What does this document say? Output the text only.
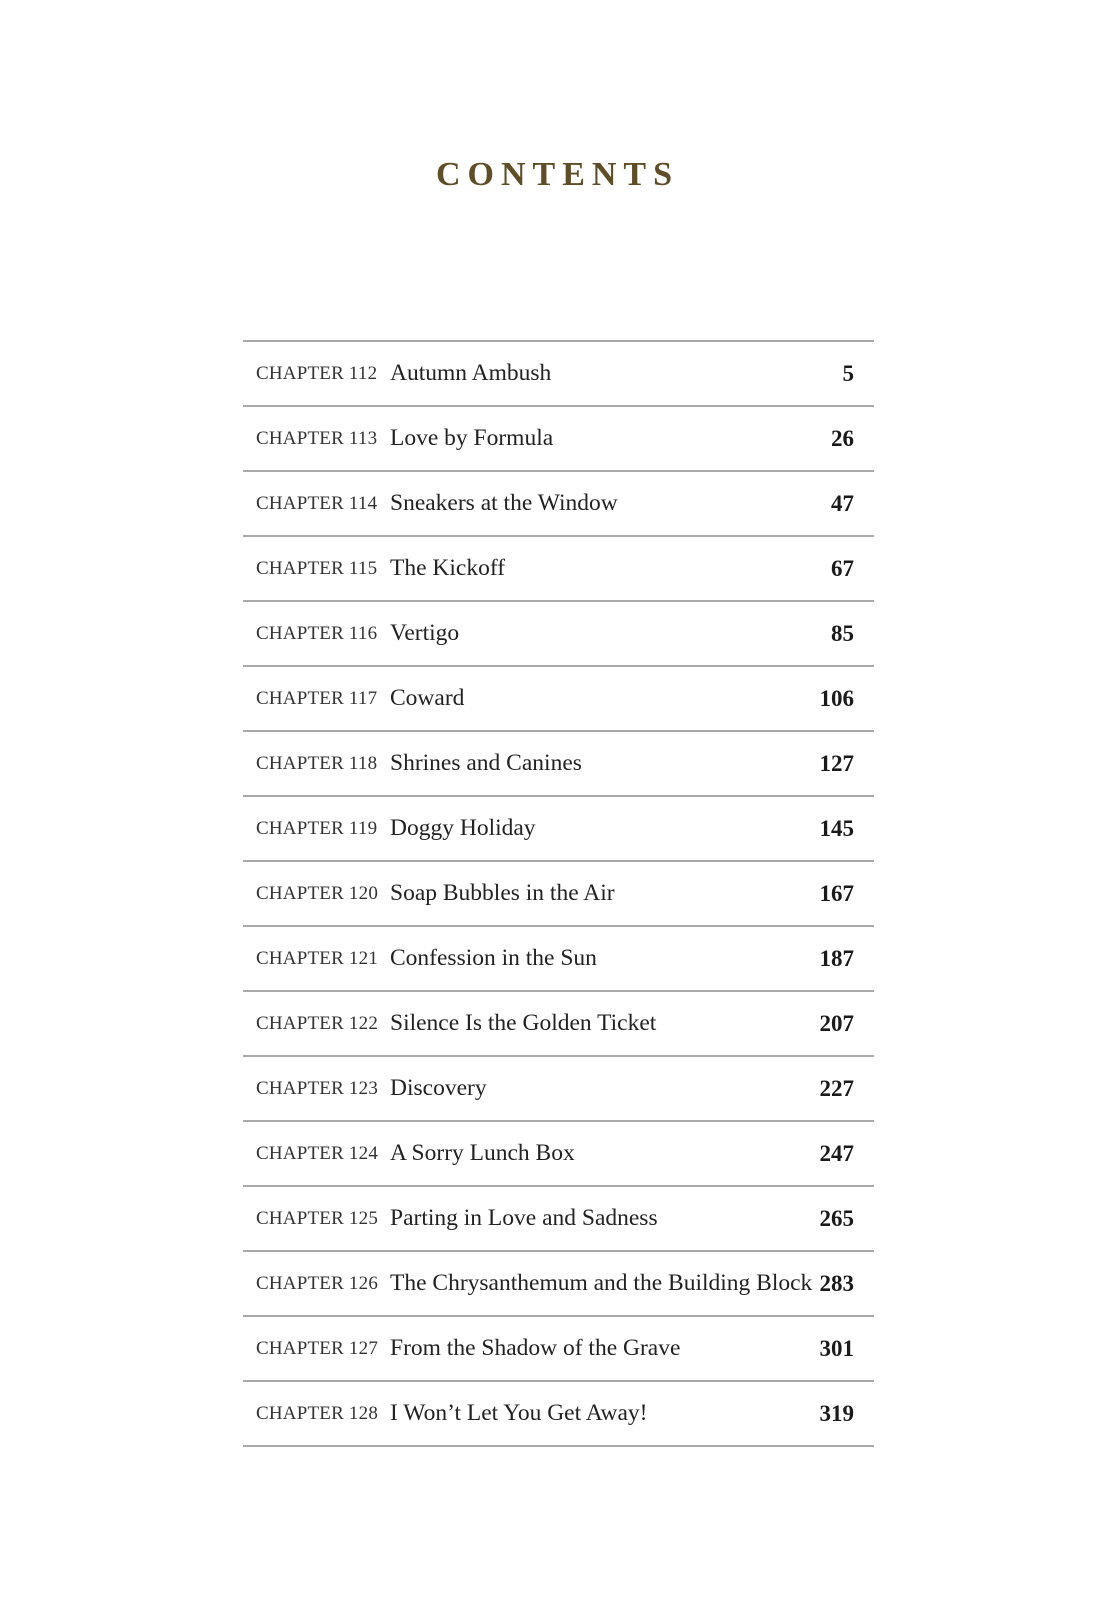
CONTENTS
CHAPTER 112 Autumn Ambush	5
CHAPTER 113 Love by Formula	26
CHAPTER 114 Sneakers at the Window	47
CHAPTER 115 The Kickoff	67
CHAPTER 116 Vertigo	85
CHAPTER 117 Coward	106
CHAPTER 118 Shrines and Canines	127
CHAPTER 119 Doggy Holiday	145
CHAPTER 120 Soap Bubbles in the Air	167
CHAPTER 121 Confession in the Sun	187
CHAPTER 122 Silence Is the Golden Ticket	207
CHAPTER 123 Discovery	227
CHAPTER 124 A Sorry Lunch Box	247
CHAPTER 125 Parting in Love and Sadness	265
CHAPTER 126 The Chrysanthemum and the Building Block 283
CHAPTER 127 From the Shadow of the Grave	301
CHAPTER 128 I Won’t Let You Get Away!	319
